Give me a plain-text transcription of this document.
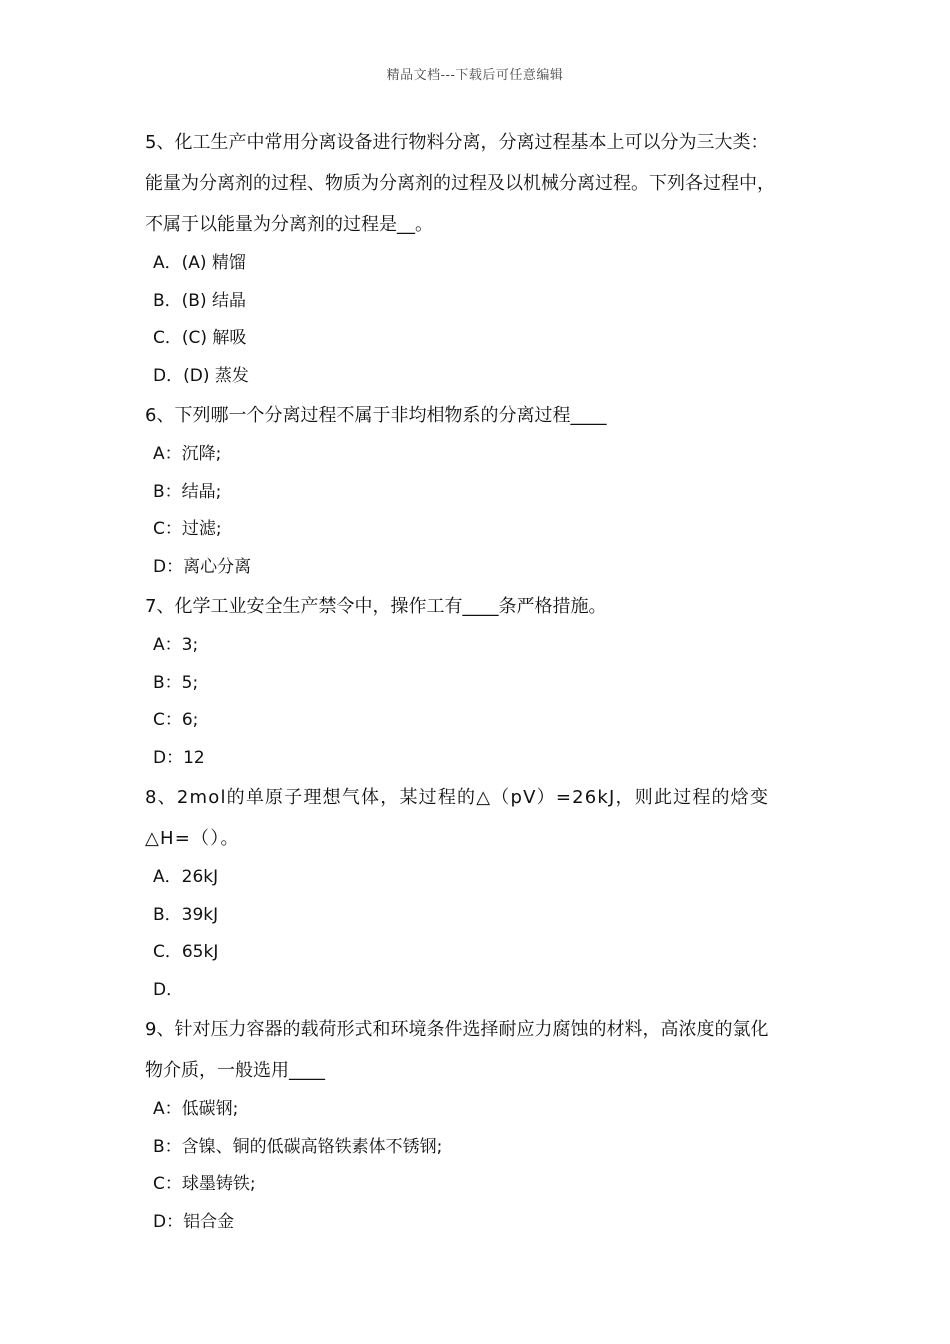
精品文档---下载后可任意编辑
5、化工生产中常用分离设备进行物料分离，分离过程基本上可以分为三大类：
能量为分离剂的过程、物质为分离剂的过程及以机械分离过程。下列各过程中，
不属于以能量为分离剂的过程是__。
A．(A) 精馏
B．(B) 结晶
C．(C) 解吸
D．(D) 蒸发
6、下列哪一个分离过程不属于非均相物系的分离过程____
A：沉降;
B：结晶;
C：过滤;
D：离心分离
7、化学工业安全生产禁令中，操作工有____条严格措施。
A：3;
B：5;
C：6;
D：12
8、2mol的单原子理想气体，某过程的△（pV）=26kJ，则此过程的焓变
△H=（）。
A．26kJ
B．39kJ
C．65kJ
D．
9、针对压力容器的载荷形式和环境条件选择耐应力腐蚀的材料，高浓度的氯化
物介质，一般选用____
A：低碳钢;
B：含镍、铜的低碳高铬铁素体不锈钢;
C：球墨铸铁;
D：铝合金
